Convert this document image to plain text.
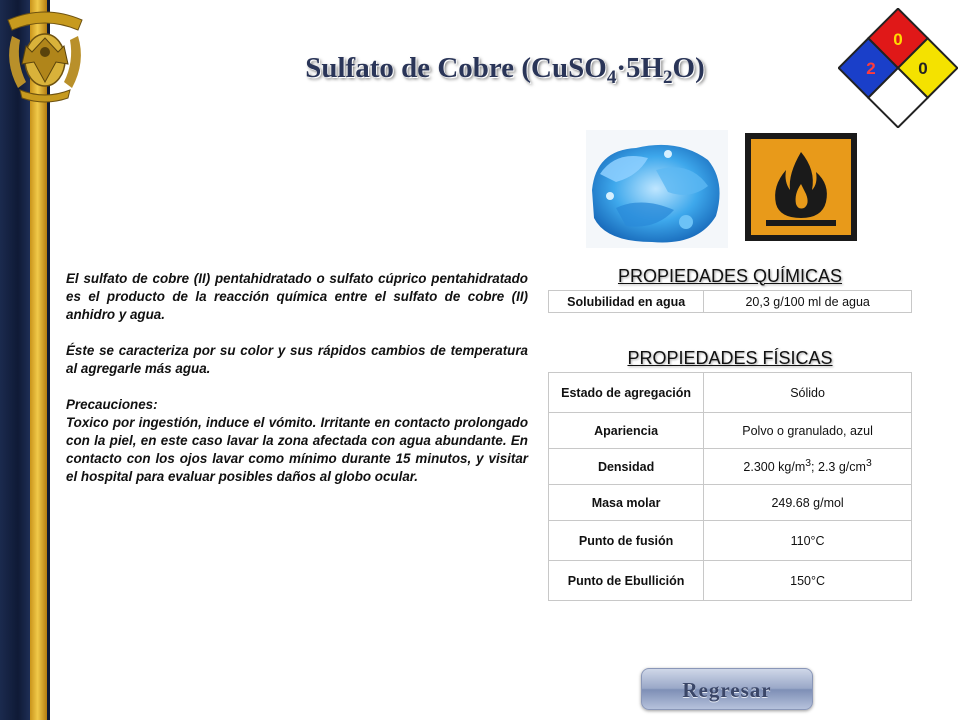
Sulfato de Cobre $(CuSO_4\cdot 5H_2O)$
0
2	0

El sulfato de cobre (II) pentahidratado o sulfato cúprico pentahidratado es el producto de la reacción química entre el sulfato de cobre (II) anhidro y agua.

Éste se caracteriza por su color y sus rápidos cambios de temperatura al agregarle más agua.

Precauciones:

Toxico por ingestión, induce el vómito. Irritante en contacto prolongado con la piel, en este caso lavar la zona afectada con agua abundante. En contacto con los ojos lavar como mínimo durante 15 minutos, y visitar el hospital para evaluar posibles daños al globo ocular.

PROPIEDADES QUÍMICAS
Solubilidad en agua	20,3 g/100 ml de agua
PROPIEDADES FÍSICAS	
Estado de agregación	Sólido
Apariencia	Polvo o granulado, azul
Densidad	2.300 $kg/m^3$; 2.3 $g/cm^3$
Masa molar	249.68 g/mol
Punto de fusión	110°C
Punto de Ebullición	150°C
Regresar
